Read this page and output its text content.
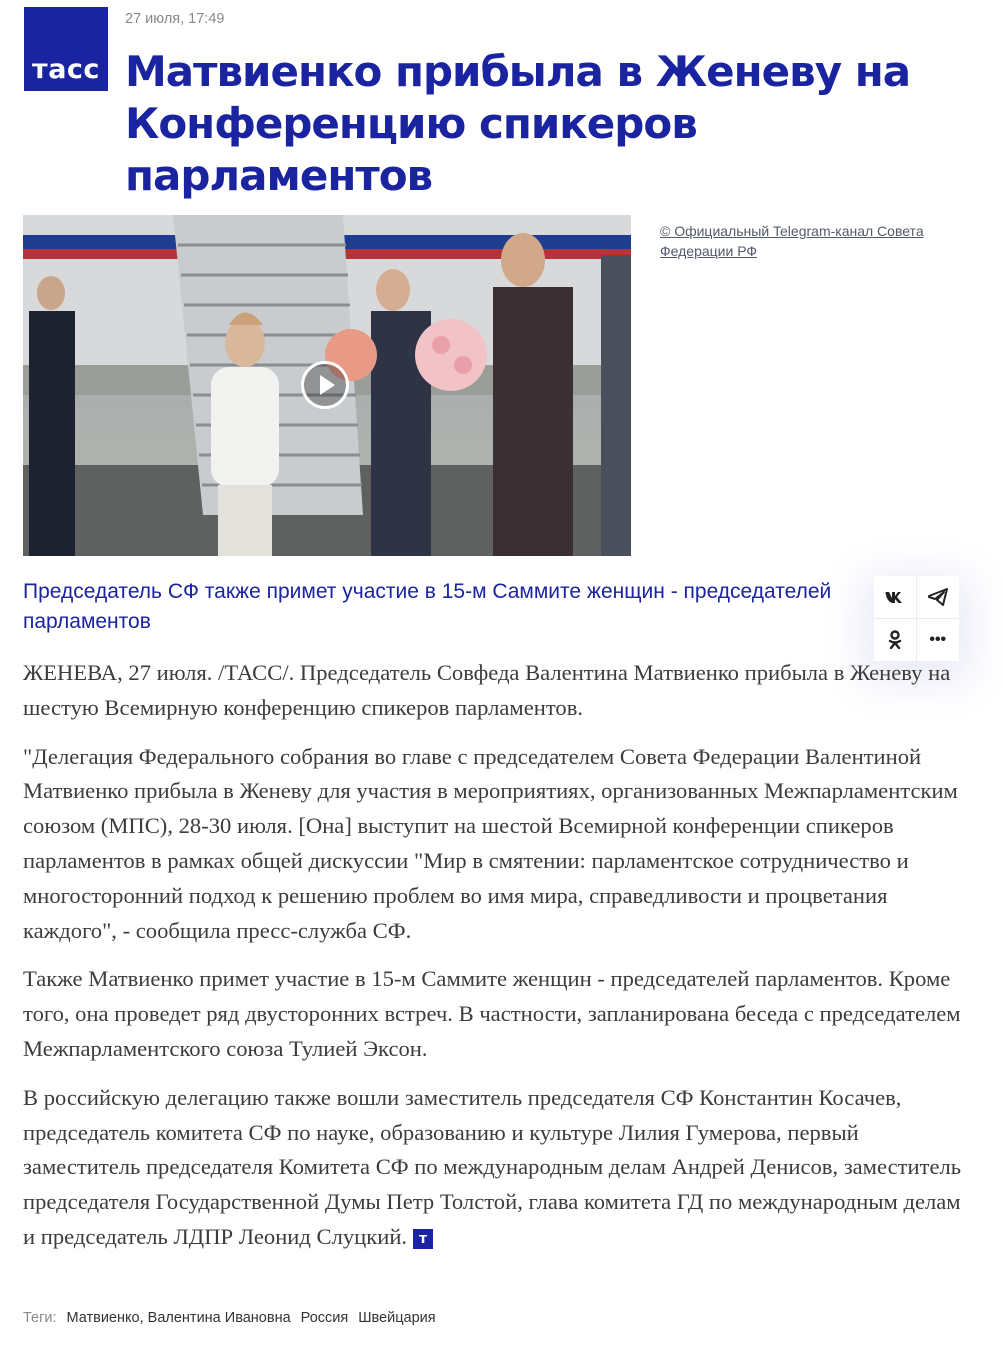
тасс
27 июля, 17:49
Матвиенко прибыла в Женеву на Конференцию спикеров парламентов
© Официальный Telegram-канал Совета Федерации РФ

Председатель СФ также примет участие в 15-м Саммите женщин - председателей парламентов

•••

ЖЕНЕВА, 27 июля. /ТАСС/. Председатель Совфеда Валентина Матвиенко прибыла в Женеву на шестую Всемирную конференцию спикеров парламентов.

"Делегация Федерального собрания во главе с председателем Совета Федерации Валентиной Матвиенко прибыла в Женеву для участия в мероприятиях, организованных Межпарламентским союзом (МПС), 28-30 июля. [Она] выступит на шестой Всемирной конференции спикеров парламентов в рамках общей дискуссии "Мир в смятении: парламентское сотрудничество и многосторонний подход к решению проблем во имя мира, справедливости и процветания каждого", - сообщила пресс-служба СФ.

Также Матвиенко примет участие в 15-м Саммите женщин - председателей парламентов. Кроме того, она проведет ряд двусторонних встреч. В частности, запланирована беседа с председателем Межпарламентского союза Тулией Эксон.

В российскую делегацию также вошли заместитель председателя СФ Константин Косачев, председатель комитета СФ по науке, образованию и культуре Лилия Гумерова, первый заместитель председателя Комитета СФ по международным делам Андрей Денисов, заместитель председателя Государственной Думы Петр Толстой, глава комитета ГД по международным делам и председатель ЛДПР Леонид Слуцкий. т

Теги: Матвиенко, Валентина Ивановна Россия Швейцария
